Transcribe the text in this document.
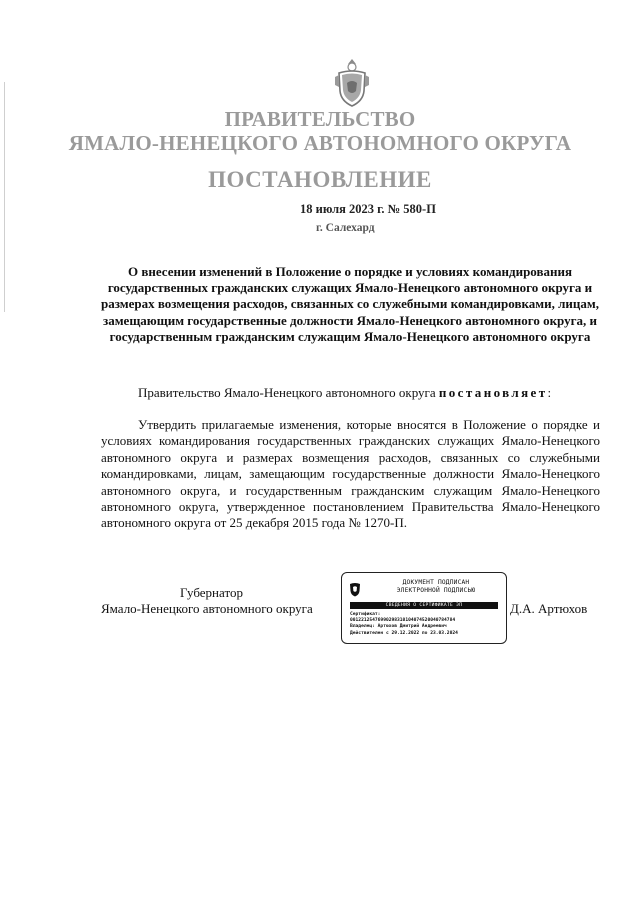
ПРАВИТЕЛЬСТВО
ЯМАЛО-НЕНЕЦКОГО АВТОНОМНОГО ОКРУГА
ПОСТАНОВЛЕНИЕ
18 июля 2023 г. № 580-П
г. Салехард
О внесении изменений в Положение о порядке и условиях командирования государственных гражданских служащих Ямало-Ненецкого автономного округа и размерах возмещения расходов, связанных со служебными командировками, лицам, замещающим государственные должности Ямало-Ненецкого автономного округа, и государственным гражданским служащим Ямало-Ненецкого автономного округа
Правительство Ямало-Ненецкого автономного округа постановляет:
Утвердить прилагаемые изменения, которые вносятся в Положение о порядке и условиях командирования государственных гражданских служащих Ямало-Ненецкого автономного округа и размерах возмещения расходов, связанных со служебными командировками, лицам, замещающим государственные должности Ямало-Ненецкого автономного округа, и государственным гражданским служащим Ямало-Ненецкого автономного округа, утвержденное постановлением Правительства Ямало-Ненецкого автономного округа от 25 декабря 2015 года № 1270-П.
Губернатор
Ямало-Ненецкого автономного округа	Д.А. Артюхов
ДОКУМЕНТ ПОДПИСАН
ЭЛЕКТРОННОЙ ПОДПИСЬЮ
СВЕДЕНИЯ О СЕРТИФИКАТЕ ЭП
Сертификат:
00122125476990298310104074520040784784
Владелец: Артюхов Дмитрий Андреевич
Действителен с 29.12.2022 по 23.03.2024
